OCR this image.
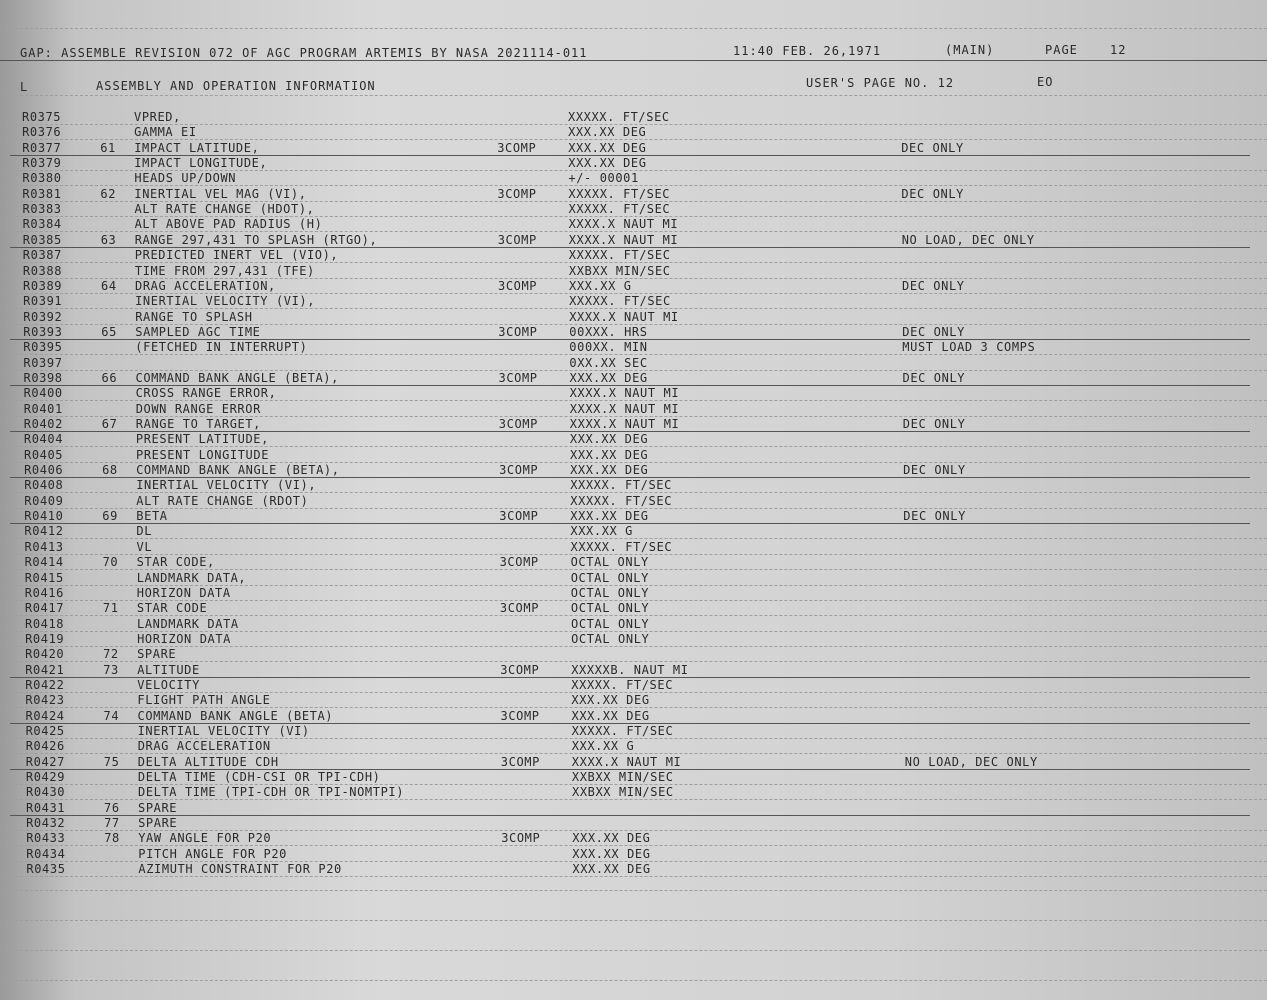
GAP: ASSEMBLE REVISION 072 OF AGC PROGRAM ARTEMIS BY NASA 2021114-011	11:40 FEB. 26,1971	(MAIN)	PAGE	12
L	ASSEMBLY AND OPERATION INFORMATION	USER'S PAGE NO. 12	EO
R0375	VPRED,	XXXXX. FT/SEC
R0376	GAMMA EI	XXX.XX DEG
R0377	61 IMPACT LATITUDE,	3COMP	XXX.XX DEG	DEC ONLY
R0379	IMPACT LONGITUDE,	XXX.XX DEG
R0380	HEADS UP/DOWN	+/- 00001
R0381	62 INERTIAL VEL MAG (VI),	3COMP	XXXXX. FT/SEC	DEC ONLY
R0383	ALT RATE CHANGE (HDOT),	XXXXX. FT/SEC
R0384	ALT ABOVE PAD RADIUS (H)	XXXX.X NAUT MI
R0385	63 RANGE 297,431 TO SPLASH (RTGO),	3COMP	XXXX.X NAUT MI	NO LOAD, DEC ONLY
R0387	PREDICTED INERT VEL (VIO),	XXXXX. FT/SEC
R0388	TIME FROM 297,431 (TFE)	XXBXX MIN/SEC
R0389	64 DRAG ACCELERATION,	3COMP	XXX.XX G	DEC ONLY
R0391	INERTIAL VELOCITY (VI),	XXXXX. FT/SEC
R0392	RANGE TO SPLASH	XXXX.X NAUT MI
R0393	65 SAMPLED AGC TIME	3COMP	00XXX. HRS	DEC ONLY
R0395	(FETCHED IN INTERRUPT)	000XX. MIN	MUST LOAD 3 COMPS
R0397	0XX.XX SEC
R0398	66 COMMAND BANK ANGLE (BETA),	3COMP	XXX.XX DEG	DEC ONLY
R0400	CROSS RANGE ERROR,	XXXX.X NAUT MI
R0401	DOWN RANGE ERROR	XXXX.X NAUT MI
R0402	67 RANGE TO TARGET,	3COMP	XXXX.X NAUT MI	DEC ONLY
R0404	PRESENT LATITUDE,	XXX.XX DEG
R0405	PRESENT LONGITUDE	XXX.XX DEG
R0406	68 COMMAND BANK ANGLE (BETA),	3COMP	XXX.XX DEG	DEC ONLY
R0408	INERTIAL VELOCITY (VI),	XXXXX. FT/SEC
R0409	ALT RATE CHANGE (RDOT)	XXXXX. FT/SEC
R0410	69 BETA	3COMP	XXX.XX DEG	DEC ONLY
R0412	DL	XXX.XX G
R0413	VL	XXXXX. FT/SEC
R0414	70 STAR CODE,	3COMP	OCTAL ONLY
R0415	LANDMARK DATA,	OCTAL ONLY
R0416	HORIZON DATA	OCTAL ONLY
R0417	71 STAR CODE	3COMP	OCTAL ONLY
R0418	LANDMARK DATA	OCTAL ONLY
R0419	HORIZON DATA	OCTAL ONLY
R0420	72 SPARE
R0421	73 ALTITUDE	3COMP	XXXXXB. NAUT MI
R0422	VELOCITY	XXXXX. FT/SEC
R0423	FLIGHT PATH ANGLE	XXX.XX DEG
R0424	74 COMMAND BANK ANGLE (BETA)	3COMP	XXX.XX DEG
R0425	INERTIAL VELOCITY (VI)	XXXXX. FT/SEC
R0426	DRAG ACCELERATION	XXX.XX G
R0427	75 DELTA ALTITUDE CDH	3COMP	XXXX.X NAUT MI	NO LOAD, DEC ONLY
R0429	DELTA TIME (CDH-CSI OR TPI-CDH)	XXBXX MIN/SEC
R0430	DELTA TIME (TPI-CDH OR TPI-NOMTPI)	XXBXX MIN/SEC
R0431	76 SPARE
R0432	77 SPARE
R0433	78 YAW ANGLE FOR P20	3COMP	XXX.XX DEG
R0434	PITCH ANGLE FOR P20	XXX.XX DEG
R0435	AZIMUTH CONSTRAINT FOR P20	XXX.XX DEG
